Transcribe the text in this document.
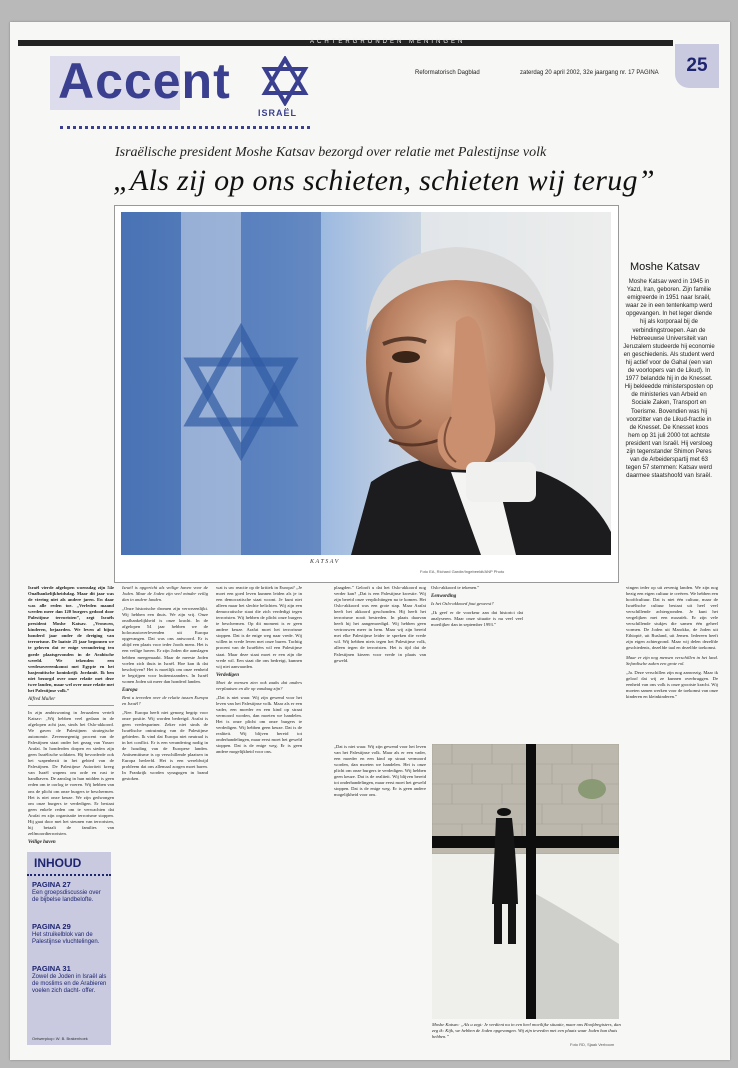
ACHTERGRONDEN MENINGEN
Accent
ISRAËL
Reformatorisch Dagblad	zaterdag 20 april 2002, 32e jaargang nr. 17 PAGINA	25
Israëlische president Moshe Katsav bezorgd over relatie met Palestijnse volk
„Als zij op ons schieten, schieten wij terug”
KATSAV
Foto EA, Richard Gardie/Ingebeeldt/ANP Photo
Moshe Katsav
Moshe Katsav werd in 1945 in Yazd, Iran, geboren. Zijn familie emigreerde in 1951 naar Israël, waar ze in een tentenkamp werd opgevangen. In het leger diende hij als korporaal bij de verbindingstroepen. Aan de Hebreeuwse Universiteit van Jeruzalem studeerde hij economie en geschiedenis. Als student werd hij actief voor de Gahal (een van de voorlopers van de Likud). In 1977 belandde hij in de Knesset. Hij bekleedde ministersposten op de ministeries van Arbeid en Sociale Zaken, Transport en Toerisme. Bovendien was hij voorzitter van de Likud-fractie in de Knesset. De Knesset koos hem op 31 juli 2000 tot achtste president van Israël. Hij versloeg zijn tegenstander Shimon Peres van de Arbeiderspartij met 63 tegen 57 stemmen: Katsav werd daarmee staatshoofd van Israël.

Israël vierde afgelopen woensdag zijn 54e Onafhankelijkheidsdag. Maar dit jaar was de viering niet als andere jaren. En daar was alle reden toe. „Verleden maand werden meer dan 120 burgers gedood door Palestijnse terroristen”, zegt Israëls president Moshe Katsav. „Vrouwen, kinderen, bejaarden. We leven al bijna honderd jaar onder de dreiging van terrorisme. De laatste 25 jaar begonnen we te geloven dat er enige verandering ten goede plaatsgevonden in de Arabische wereld. We tekenden een vredesovereenkomst met Egypte en het hasjemitische koninkrijk Jordanië. Ik ben niet bezorgd over onze relatie met deze twee landen, maar wel over onze relatie met het Palestijnse volk.”

Alfred Muller

In zijn ambtswoning in Jeruzalem vertelt Katsav: „Wij hebben veel gedaan in de afgelopen acht jaar, sinds het Oslo-akkoord. We gaven de Palestijnen strategische autonomie. Zevennegentig procent van de Palestijnen staat onder het gezag van Yasser Arafat. In honderden dorpen en steden zijn geen Israëlische soldaten. Hij bevorderde ook het wapenbezit in het gebied van de Palestijnen. De Palestijnse Autoriteit kreeg van Israël wapens om orde en rust te handhaven. De aanslag in hun midden is geen reden om te oorlog te voeren. Wij hebben van ons de plicht om onze burgers te beschermen. Het is niet onze keuze. We zijn gedwongen om onze burgers te verdedigen. Er bestaat geen enkele reden om te verwachten dat Arafat en zijn organisatie terrorisme stoppen. Hij gaat door met het steunen van terroristen, hij betaalt de families van zelfmoordterroristen.

Veilige haven

INHOUD
PAGINA 27
Een groepsdiscussie over de bijbelse landbelofte.
PAGINA 29
Het struikelblok van de Palestijnse vluchtelingen.
PAGINA 31
Zowel de Joden in Israël als de moslims en de Arabieren voelen zich dacht- offer.
Ontwerpkop: W. B. Brakenhoek

Israël is opgericht als veilige haven voor de Joden. Maar de Joden zijn veel minder veilig dan in andere landen.

„Onze historische dromen zijn verwezenlijkt. Wij hebben een thuis. We zijn vrij. Onze onafhankelijkheid is onze kracht. In de afgelopen 54 jaar hebben we de holocaustoverlevenden uit Europa opgevangen. Dat was ons antwoord. Er is altijd een plaats voor ieder Joods mens. Het is een veilige haven. Er zijn Joden die aanslagen hebben meegemaakt. Maar de meeste Joden voelen zich thuis in Israël. Hoe kan ik dat beschrijven? Het is moeilijk om onze eenheid te begrijpen voor buitenstaanders. In Israël wonen Joden uit meer dan honderd landen.

Europa

Bent u tevreden over de relatie tussen Europa en Israël?

„Nee. Europa heeft niet genoeg begrip voor onze positie. Wij worden bedreigd. Arafat is geen vredespartner. Zeker niet sinds de Israëlische ontruiming van de Palestijnse gebieden. Ik vind dat Europa niet neutraal is in het conflict. Er is een verandering nodig in de houding van de Europese landen. Antisemitisme is op verschillende plaatsen in Europa herleefd. Het is een wereldwijd probleem dat ons allemaal zorgen moet baren. In Frankrijk worden synagogen in brand gestoken.

wat is uw reactie op de kritiek in Europa? „Je moet een goed leven kunnen leiden als je in een democratische staat woont. Je kunt niet alleen maar het slechte belichten. Wij zijn een democratische staat die zich verdedigt tegen terroristen. Wij hebben de plicht onze burgers te beschermen. Op dit moment is er geen andere keuze. Arafat moet het terrorisme stoppen. Dat is de enige weg naar vrede. Wij willen in vrede leven met onze buren. Tachtig procent van de Israëliërs wil een Palestijnse staat. Maar deze staat moet er een zijn die vrede wil. Een staat die ons bedreigt, kunnen wij niet aanvaarden.

Verdedigen

Moet de mensen zien ook zaaks dat anders verplaatsen en die op vandaag zijn?

„Dat is niet waar. Wij zijn gewend voor het leven van het Palestijnse volk. Maar als er een vader, een moeder en een kind op straat vermoord worden, dan moeten we handelen. Het is onze plicht om onze burgers te verdedigen. Wij hebben geen keuze. Dat is de realiteit. Wij blijven bereid tot onderhandelingen, maar eerst moet het geweld stoppen. Dat is de enige weg. Er is geen andere mogelijkheid voor ons.

plaagden.” Gelooft u dat het Oslo-akkoord nog verder kan? „Dat is een Palestijnse kwestie. Wij zijn bereid onze verplichtingen na te komen. Het Oslo-akkoord was een grote stap. Maar Arafat heeft het akkoord geschonden. Hij heeft het terrorisme nooit bestreden. In plaats daarvan heeft hij het aangemoedigd. Wij hebben geen vertrouwen meer in hem. Maar wij zijn bereid met elke Palestijnse leider te spreken die vrede wil. Wij hebben niets tegen het Palestijnse volk, alleen tegen de terroristen. Het is tijd dat de Palestijnen kiezen voor vrede in plaats van geweld.

Oslo-akkoord te tekenen.”

Eenwording

Is het Oslo-akkoord fout geweest?

„Ik geef er de voorkeur aan dat historici dat analyseren. Maar onze situatie is nu veel veel moeilijker dan in september 1993.”

vingen ieder op uit zevenig landen. We zijn nog bezig een eigen cultuur te creëren. We hebben een hoofdcultuur. Dat is niet één cultuur, maar de Israëlische cultuur bestaat uit heel veel verschillende achtergronden. Je kunt het vergelijken met een mozaïek. Er zijn vele verschillende stukjes die samen één geheel vormen. De Joden uit Marokko, de Joden uit Ethiopië, uit Rusland, uit Jemen. Iedereen heeft zijn eigen achtergrond. Maar wij delen dezelfde geschiedenis, dezelfde taal en dezelfde toekomst.

Maar er zijn nog mensen verschillen in het land. Sefardische zaken een grote rol.

„Ja. Deze verschillen zijn nog aanwezig. Maar ik geloof dat wij ze kunnen overbruggen. De eenheid van ons volk is onze grootste kracht. Wij moeten samen werken voor de toekomst van onze kinderen en kleinkinderen.”

„Dat is niet waar. Wij zijn gewend voor het leven van het Palestijnse volk. Maar als er een vader, een moeder en een kind op straat vermoord worden, dan moeten we handelen. Het is onze plicht om onze burgers te verdedigen. Wij hebben geen keuze. Dat is de realiteit. Wij blijven bereid tot onderhandelingen, maar eerst moet het geweld stoppen. Dat is de enige weg. Er is geen andere mogelijkheid voor ons.

Moshe Katsav: „Als u zegt: Je verdient nu in een heel moeilijke situatie, maar ons Hoofdregisters, dan zeg ik: Kijk, we hebben de Joden opgevangen. Wij zijn tevreden met een plaats waar Joden hun thuis hebben.”
Foto RD, Sjaak Verboom
